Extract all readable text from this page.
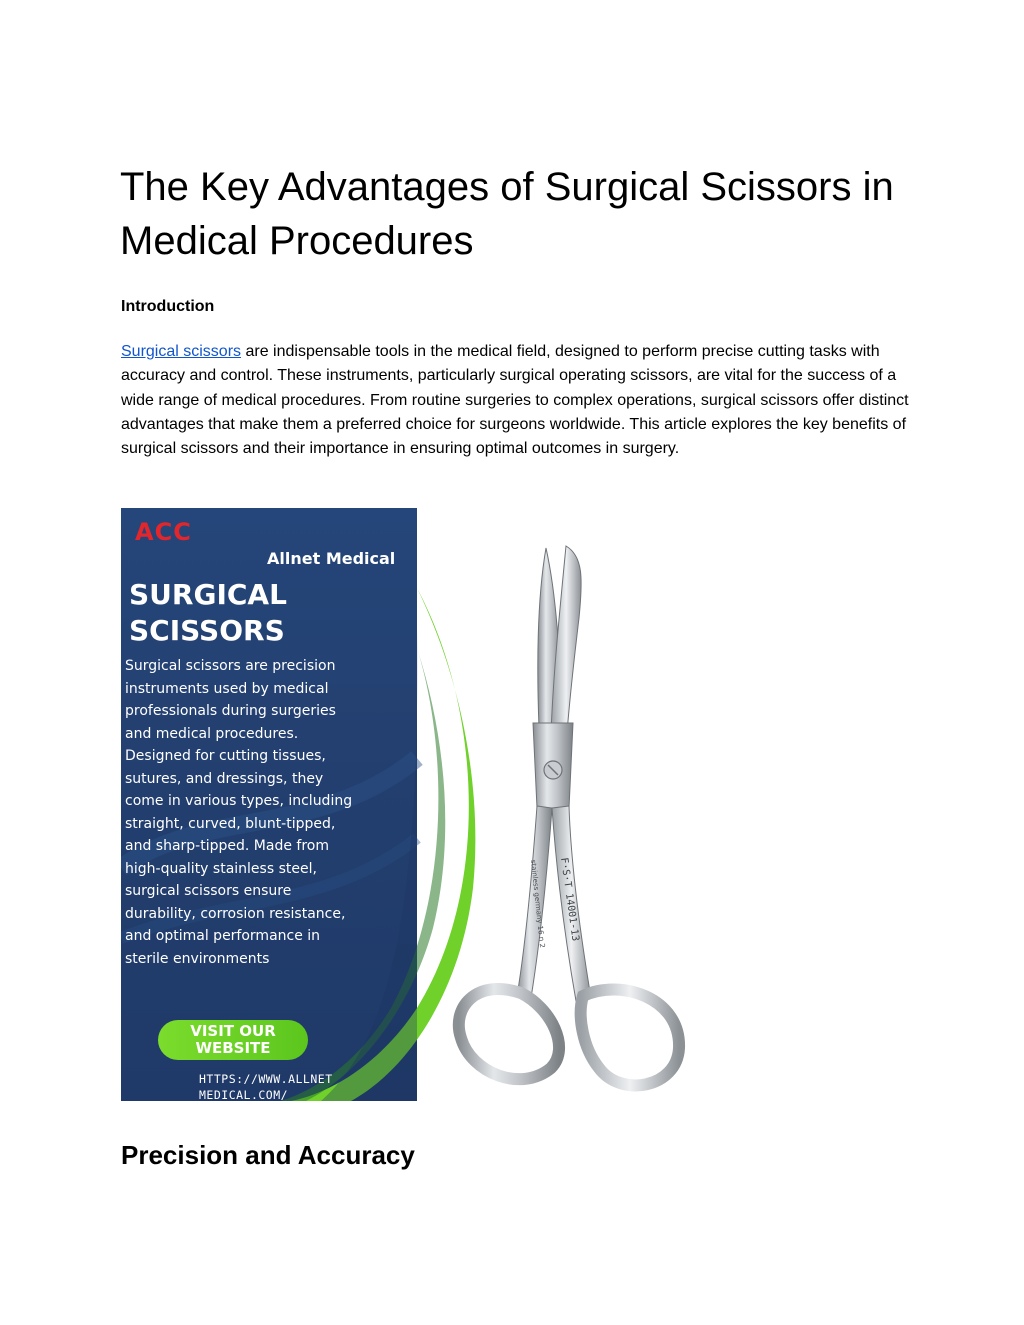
The Key Advantages of Surgical Scissors in Medical Procedures

Introduction

Surgical scissors are indispensable tools in the medical field, designed to perform precise cutting tasks with accuracy and control. These instruments, particularly surgical operating scissors, are vital for the success of a wide range of medical procedures. From routine surgeries to complex operations, surgical scissors offer distinct advantages that make them a preferred choice for surgeons worldwide. This article explores the key benefits of surgical scissors and their importance in ensuring optimal outcomes in surgery.

F·S·T 14001-13
stainless germany 16 n 2
ACC
Allnet Medical
SURGICAL
SCISSORS

Surgical scissors are precision instruments used by medical professionals during surgeries and medical procedures. Designed for cutting tissues, sutures, and dressings, they come in various types, including straight, curved, blunt-tipped, and sharp-tipped. Made from high-quality stainless steel, surgical scissors ensure durability, corrosion resistance, and optimal performance in sterile environments

VISIT OUR
WEBSITE
HTTPS://WWW.ALLNET
MEDICAL.COM/
Precision and Accuracy
